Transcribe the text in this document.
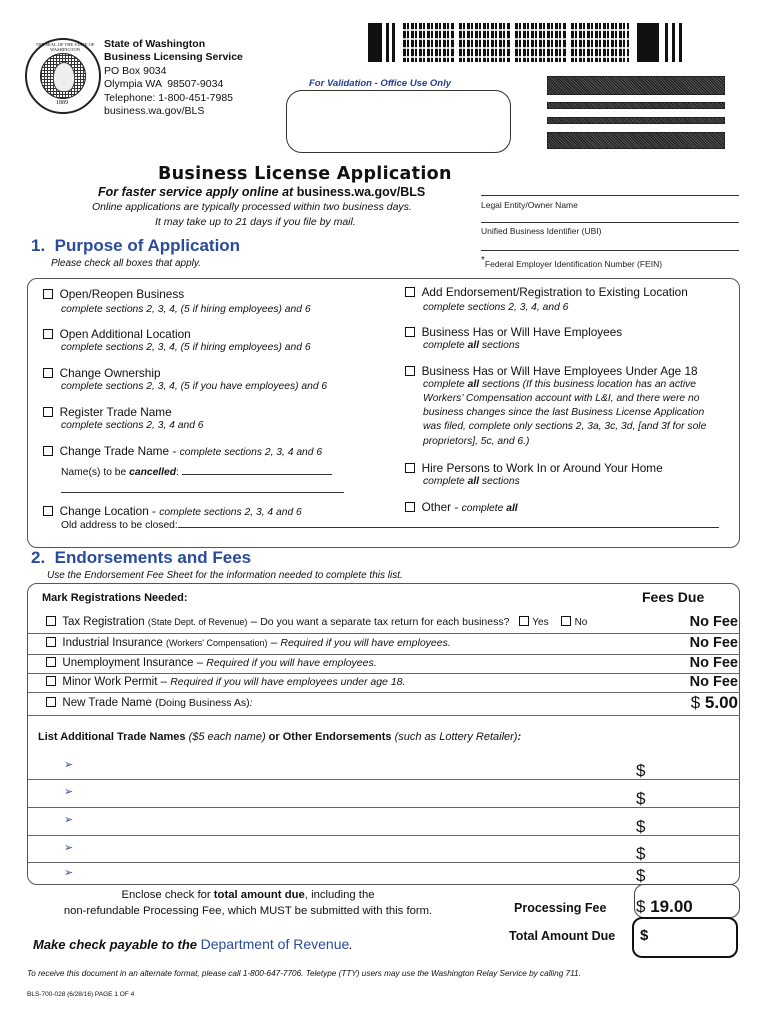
THE SEAL OF THE STATE OF WASHINGTON
1889
State of Washington
Business Licensing Service
PO Box 9034
Olympia WA  98507-9034
Telephone: 1-800-451-7985
business.wa.gov/BLS
For Validation - Office Use Only
Business License Application
For faster service apply online at business.wa.gov/BLS
Online applications are typically processed within two business days.
It may take up to 21 days if you file by mail.
Legal Entity/Owner Name
Unified Business Identifier (UBI)
*Federal Employer Identification Number (FEIN)
1.  Purpose of Application
Please check all boxes that apply.
Open/Reopen Business
complete sections 2, 3, 4, (5 if hiring employees) and 6
Open Additional Location
complete sections 2, 3, 4, (5 if hiring employees) and 6
Change Ownership
complete sections 2, 3, 4, (5 if you have employees) and 6
Register Trade Name
complete sections 2, 3, 4 and 6
Change Trade Name - complete sections 2, 3, 4 and 6
Name(s) to be cancelled:
Change Location - complete sections 2, 3, 4 and 6
Old address to be closed:
Add Endorsement/Registration to Existing Location
complete sections 2, 3, 4, and 6
Business Has or Will Have Employees
complete all sections
Business Has or Will Have Employees Under Age 18
complete all sections (If this business location has an active
Workers’ Compensation account with L&I, and there were no
business changes since the last Business License Application
was filed, complete only sections 2, 3a, 3c, 3d, [and 3f for sole
proprietors], 5c, and 6.)
Hire Persons to Work In or Around Your Home
complete all sections
Other - complete all
2.  Endorsements and Fees
Use the Endorsement Fee Sheet for the information needed to complete this list.
Mark Registrations Needed:	Fees Due
Tax Registration (State Dept. of Revenue) – Do you want a separate tax return for each business? Yes	No	No Fee
Industrial Insurance (Workers' Compensation) – Required if you will have employees.	No Fee
Unemployment Insurance – Required if you will have employees.	No Fee
Minor Work Permit – Required if you will have employees under age 18.	No Fee
New Trade Name (Doing Business As):	$ 5.00
List Additional Trade Names ($5 each name) or Other Endorsements (such as Lottery Retailer):
➢	$
➢	$
➢	$
➢	$
➢	$
Enclose check for total amount due, including the
non-refundable Processing Fee, which MUST be submitted with this form.	Processing Fee $ 19.00
Total Amount Due $
Make check payable to the Department of Revenue.
To receive this document in an alternate format, please call 1-800-647-7706. Teletype (TTY) users may use the Washington Relay Service by calling 711.
BLS-700-028 (6/28/16) PAGE 1 OF 4
